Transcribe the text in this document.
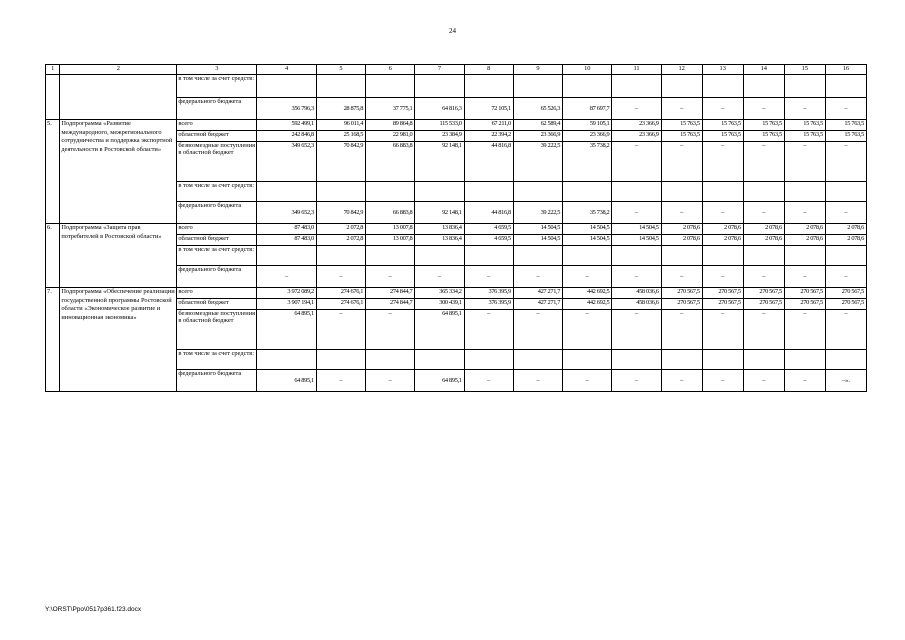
24
1	2	3	4	5	6	7	8	9	10	11	12	13	14	15	16
		в том числе за счет средств:													
		федерального бюджета	356 796,3	28 875,8	37 775,1	64 816,3	72 105,1	65 526,3	87 697,7	–	–	–	–	–	–
5.	Подпрограмма «Развитие международного, межрегионального сотрудничества и поддержка экспортной деятельности в Ростовской области»	всего	592 499,1	96 011,4	89 864,8	115 533,0	67 211,0	62 589,4	59 105,1	23 366,9	15 763,5	15 763,5	15 763,5	15 763,5	15 763,5
		областной бюджет	242 846,8	25 168,5	22 981,0	23 384,9	22 394,2	23 366,9	23 366,9	23 366,9	15 763,5	15 763,5	15 763,5	15 763,5	15 763,5
		безвозмездные поступления в областной бюджет	349 652,3	70 842,9	66 883,8	92 148,1	44 816,8	39 222,5	35 738,2	–	–	–	–	–	–
		в том числе за счет средств:													
		федерального бюджета	349 652,3	70 842,9	66 883,8	92 148,1	44 816,8	39 222,5	35 738,2	–	–	–	–	–	–
6.	Подпрограмма «Защита прав потребителей в Ростовской области»	всего	87 483,0	2 072,8	13 007,8	13 836,4	4 659,5	14 504,5	14 504,5	14 504,5	2 078,6	2 078,6	2 078,6	2 078,6	2 078,6
		областной бюджет	87 483,0	2 072,8	13 007,8	13 836,4	4 659,5	14 504,5	14 504,5	14 504,5	2 078,6	2 078,6	2 078,6	2 078,6	2 078,6
		в том числе за счет средств:													
		федерального бюджета	–	–	–	–	–	–	–	–	–	–	–	–	–
7.	Подпрограмма «Обеспечение реализации государственной программы Ростовской области «Экономическое развитие и инновационная экономика»	всего	3 972 089,2	274 676,1	274 844,7	365 334,2	376 395,9	427 271,7	442 692,5	458 036,6	270 567,5	270 567,5	270 567,5	270 567,5	270 567,5
		областной бюджет	3 907 194,1	274 676,1	274 844,7	300 439,1	376 395,9	427 271,7	442 692,5	458 036,6	270 567,5	270 567,5	270 567,5	270 567,5	270 567,5
		безвозмездные поступления в областной бюджет	64 895,1	–	–	64 895,1	–	–	–	–	–	–	–	–	–
		в том числе за счет средств:													
		федерального бюджета	64 895,1	–	–	64 895,1	–	–	–	–	–	–	–	–	–».
Y:\ORST\Ppo\0517p361.f23.docx
